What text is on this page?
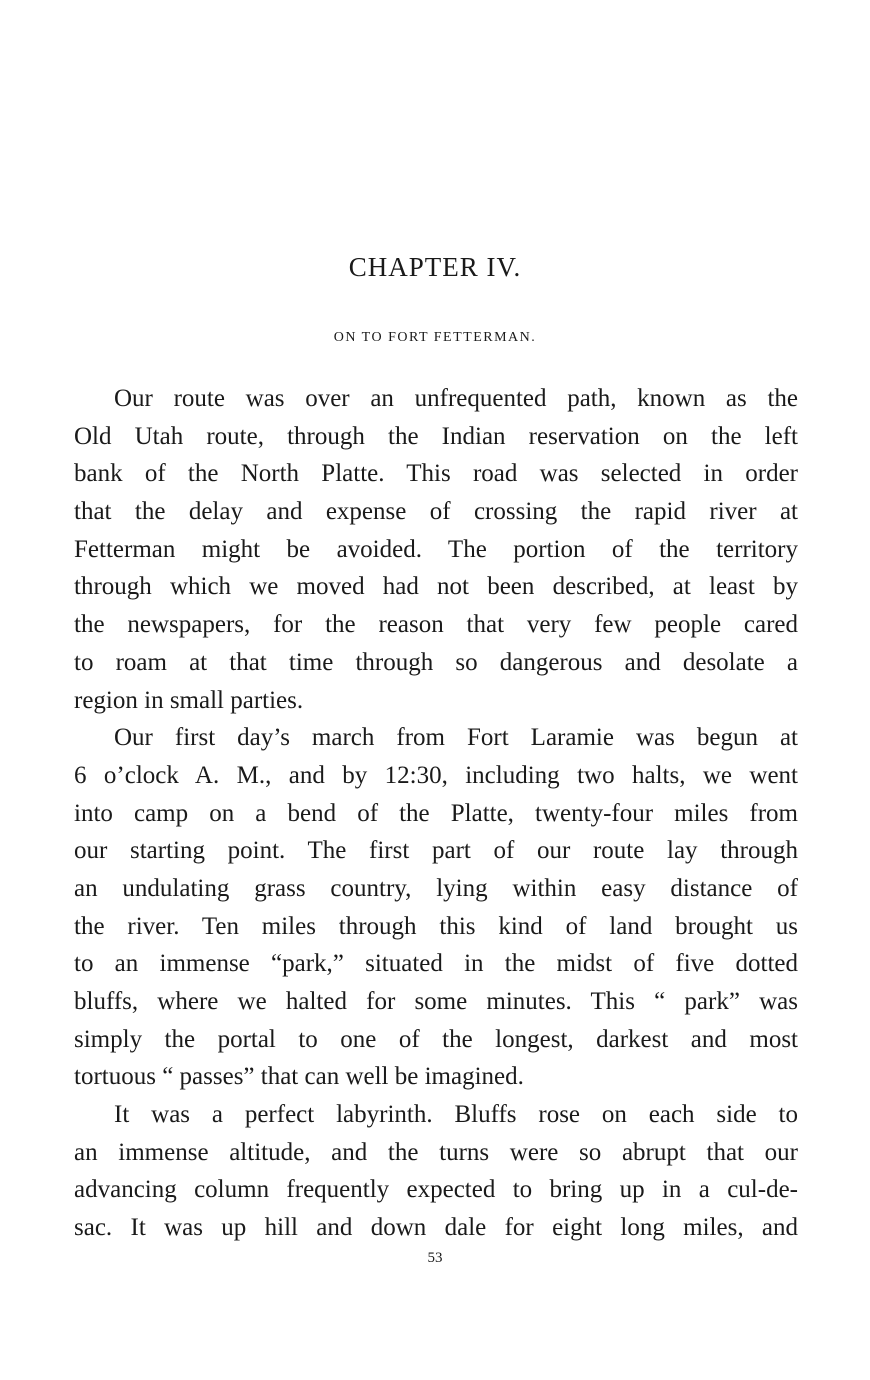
CHAPTER IV.
ON TO FORT FETTERMAN.
Our route was over an unfrequented path, known as the
Old Utah route, through the Indian reservation on the left
bank of the North Platte. This road was selected in order
that the delay and expense of crossing the rapid river at
Fetterman might be avoided. The portion of the territory
through which we moved had not been described, at least by
the newspapers, for the reason that very few people cared
to roam at that time through so dangerous and desolate a
region in small parties.
Our first day’s march from Fort Laramie was begun at
6 o’clock A. M., and by 12:30, including two halts, we went
into camp on a bend of the Platte, twenty-four miles from
our starting point. The first part of our route lay through
an undulating grass country, lying within easy distance of
the river. Ten miles through this kind of land brought us
to an immense “park,” situated in the midst of five dotted
bluffs, where we halted for some minutes. This “ park” was
simply the portal to one of the longest, darkest and most
tortuous “ passes” that can well be imagined.
It was a perfect labyrinth. Bluffs rose on each side to
an immense altitude, and the turns were so abrupt that our
advancing column frequently expected to bring up in a cul-de-
sac. It was up hill and down dale for eight long miles, and
53
